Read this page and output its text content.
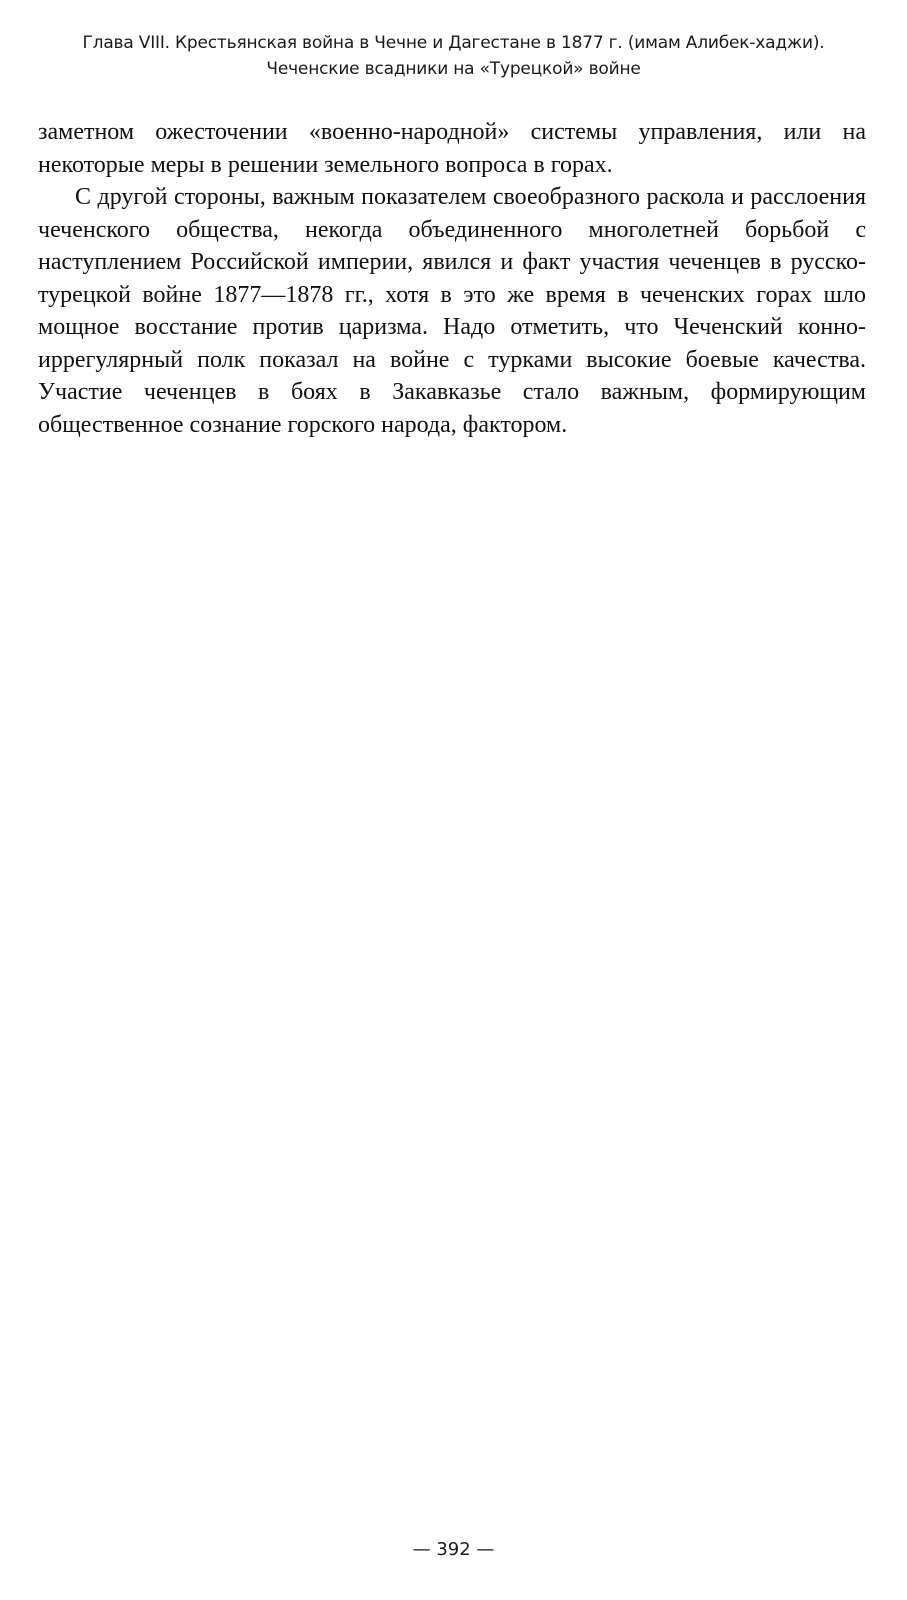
Глава VIII. Крестьянская война в Чечне и Дагестане в 1877 г. (имам Алибек-хаджи).
Чеченские всадники на «Турецкой» войне

заметном ожесточении «военно-народной» системы управления, или на некоторые меры в решении земельного вопроса в горах.

С другой стороны, важным показателем своеобразного раскола и расслоения чеченского общества, некогда объединенного многолетней борьбой с наступлением Российской империи, явился и факт участия чеченцев в русско-турецкой войне 1877—1878 гг., хотя в это же время в чеченских горах шло мощное восстание против царизма. Надо отметить, что Чеченский конно-иррегулярный полк показал на войне с турками высокие боевые качества. Участие чеченцев в боях в Закавказье стало важным, формирующим общественное сознание горского народа, фактором.

— 392 —
